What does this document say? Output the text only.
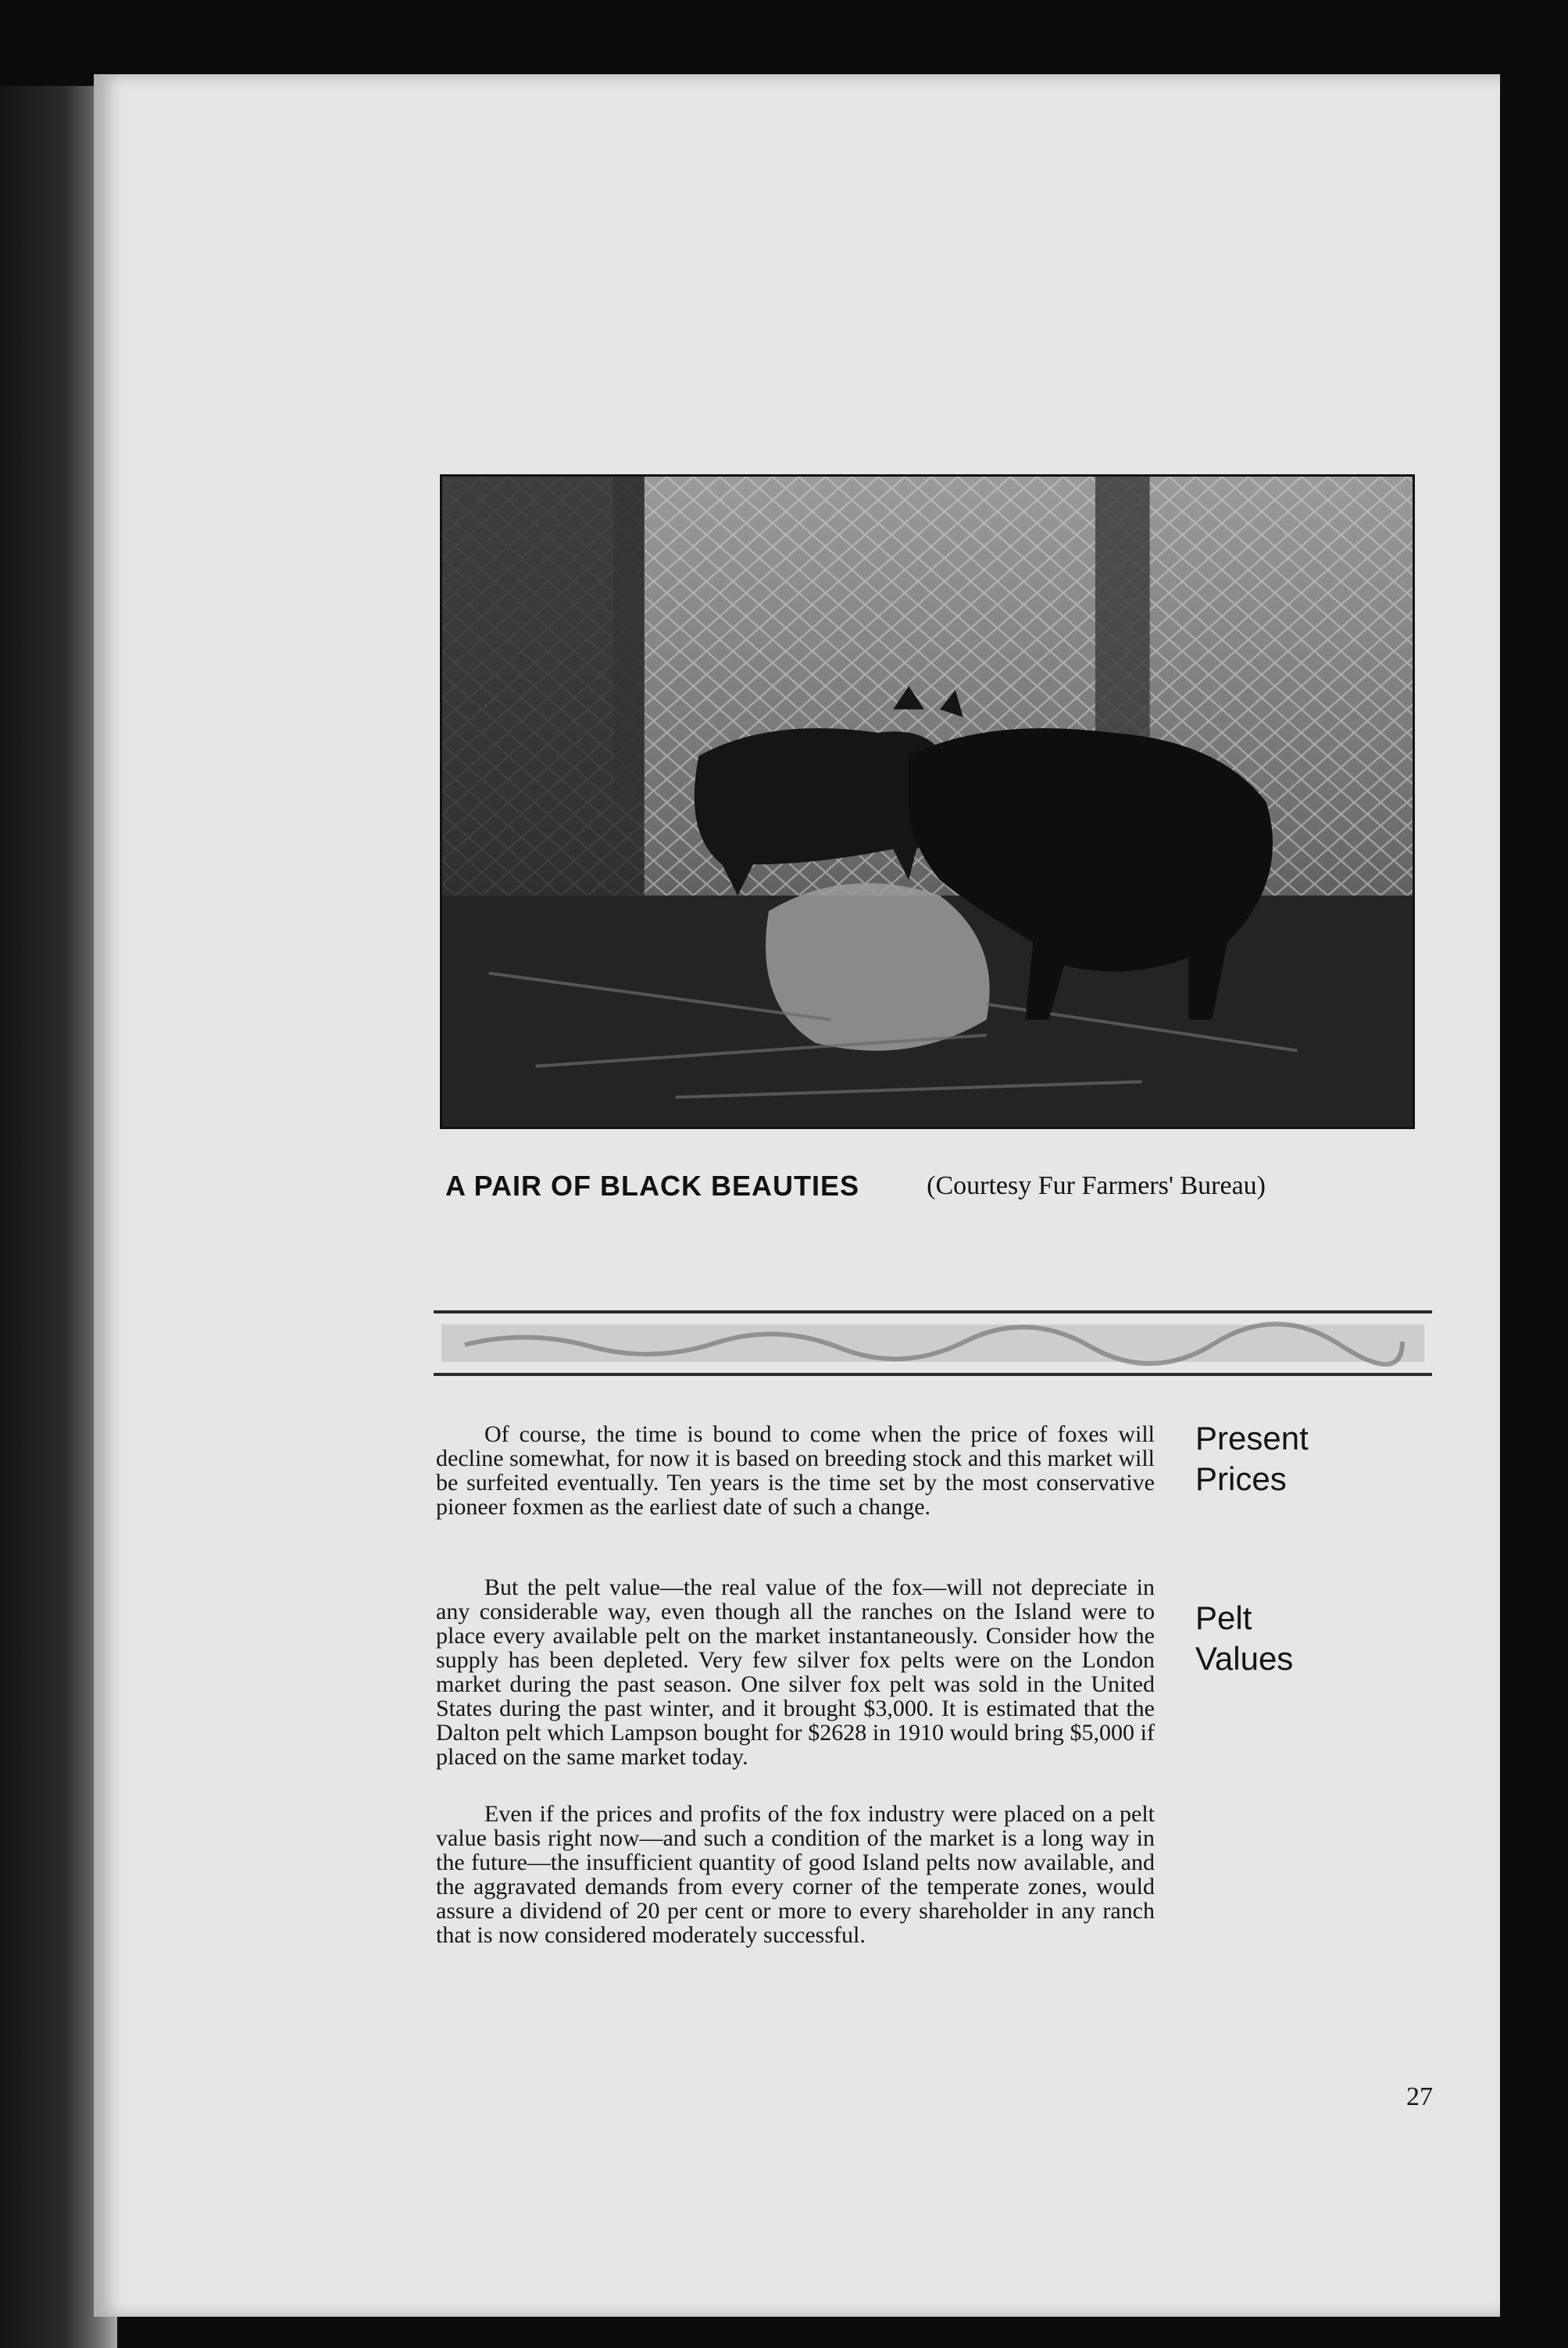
A PAIR OF BLACK BEAUTIES	(Courtesy Fur Farmers' Bureau)

Of course, the time is bound to come when the price of foxes will decline somewhat, for now it is based on breeding stock and this market will be surfeited eventually. Ten years is the time set by the most conservative pioneer foxmen as the earliest date of such a change.

But the pelt value—the real value of the fox—will not depreciate in any considerable way, even though all the ranches on the Island were to place every available pelt on the market instantaneously. Consider how the supply has been depleted. Very few silver fox pelts were on the London market during the past season. One silver fox pelt was sold in the United States during the past winter, and it brought $3,000. It is estimated that the Dalton pelt which Lampson bought for $2628 in 1910 would bring $5,000 if placed on the same market today.

Even if the prices and profits of the fox industry were placed on a pelt value basis right now—and such a condition of the market is a long way in the future—the insufficient quantity of good Island pelts now available, and the aggravated demands from every corner of the temperate zones, would assure a dividend of 20 per cent or more to every shareholder in any ranch that is now considered moderately successful.

Present
Prices
Pelt
Values
27
